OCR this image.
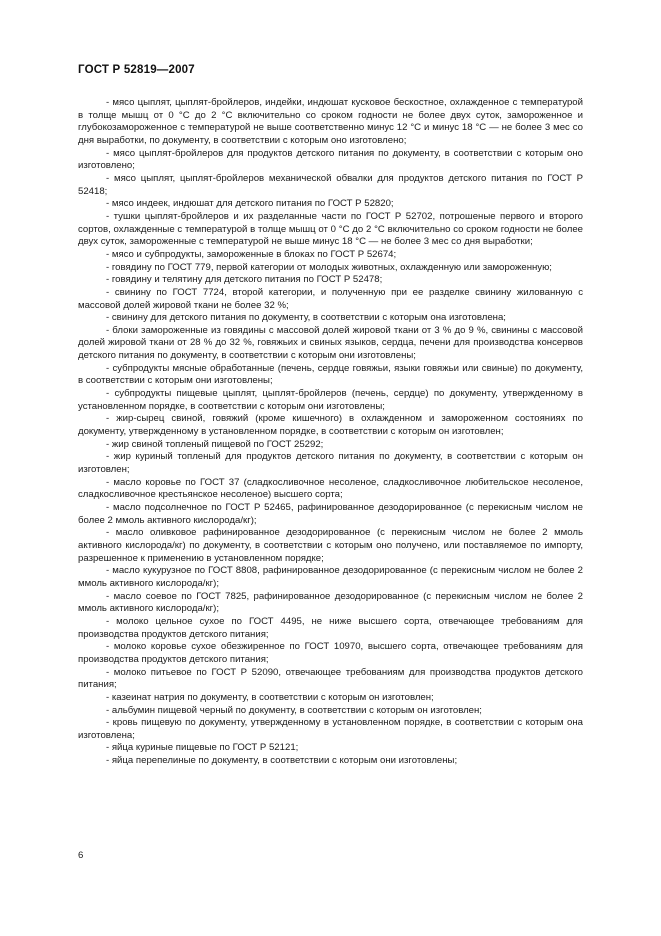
ГОСТ Р 52819—2007

- мясо цыплят, цыплят-бройлеров, индейки, индюшат кусковое бескостное, охлажденное с температурой в толще мышц от 0 °С до 2 °С включительно со сроком годности не более двух суток, замороженное и глубокозамороженное с температурой не выше соответственно минус 12 °С и минус 18 °С — не более 3 мес со дня выработки, по документу, в соответствии с которым оно изготовлено;

- мясо цыплят-бройлеров для продуктов детского питания по документу, в соответствии с которым оно изготовлено;

- мясо цыплят, цыплят-бройлеров механической обвалки для продуктов детского питания по ГОСТ Р 52418;

- мясо индеек, индюшат для детского питания по ГОСТ Р 52820;

- тушки цыплят-бройлеров и их разделанные части по ГОСТ Р 52702, потрошеные первого и второго сортов, охлажденные с температурой в толще мышц от 0 °С до 2 °С включительно со сроком годности не более двух суток, замороженные с температурой не выше минус 18 °С — не более 3 мес со дня выработки;

- мясо и субпродукты, замороженные в блоках по ГОСТ Р 52674;

- говядину по ГОСТ 779, первой категории от молодых животных, охлажденную или замороженную;

- говядину и телятину для детского питания по ГОСТ Р 52478;

- свинину по ГОСТ 7724, второй категории, и полученную при ее разделке свинину жилованную с массовой долей жировой ткани не более 32 %;

- свинину для детского питания по документу, в соответствии с которым она изготовлена;

- блоки замороженные из говядины с массовой долей жировой ткани от 3 % до 9 %, свинины с массовой долей жировой ткани от 28 % до 32 %, говяжьих и свиных языков, сердца, печени для производства консервов детского питания по документу, в соответствии с которым они изготовлены;

- субпродукты мясные обработанные (печень, сердце говяжьи, языки говяжьи или свиные) по документу, в соответствии с которым они изготовлены;

- субпродукты пищевые цыплят, цыплят-бройлеров (печень, сердце) по документу, утвержденному в установленном порядке, в соответствии с которым они изготовлены;

- жир-сырец свиной, говяжий (кроме кишечного) в охлажденном и замороженном состояниях по документу, утвержденному в установленном порядке, в соответствии с которым он изготовлен;

- жир свиной топленый пищевой по ГОСТ 25292;

- жир куриный топленый для продуктов детского питания по документу, в соответствии с которым он изготовлен;

- масло коровье по ГОСТ 37 (сладкосливочное несоленое, сладкосливочное любительское несоленое, сладкосливочное крестьянское несоленое) высшего сорта;

- масло подсолнечное по ГОСТ Р 52465, рафинированное дезодорированное (с перекисным числом не более 2 ммоль активного кислорода/кг);

- масло оливковое рафинированное дезодорированное (с перекисным числом не более 2 ммоль активного кислорода/кг) по документу, в соответствии с которым оно получено, или поставляемое по импорту, разрешенное к применению в установленном порядке;

- масло кукурузное по ГОСТ 8808, рафинированное дезодорированное (с перекисным числом не более 2 ммоль активного кислорода/кг);

- масло соевое по ГОСТ 7825, рафинированное дезодорированное (с перекисным числом не более 2 ммоль активного кислорода/кг);

- молоко цельное сухое по ГОСТ 4495, не ниже высшего сорта, отвечающее требованиям для производства продуктов детского питания;

- молоко коровье сухое обезжиренное по ГОСТ 10970, высшего сорта, отвечающее требованиям для производства продуктов детского питания;

- молоко питьевое по ГОСТ Р 52090, отвечающее требованиям для производства продуктов детского питания;

- казеинат натрия по документу, в соответствии с которым он изготовлен;

- альбумин пищевой черный по документу, в соответствии с которым он изготовлен;

- кровь пищевую по документу, утвержденному в установленном порядке, в соответствии с которым она изготовлена;

- яйца куриные пищевые по ГОСТ Р 52121;

- яйца перепелиные по документу, в соответствии с которым они изготовлены;

6
